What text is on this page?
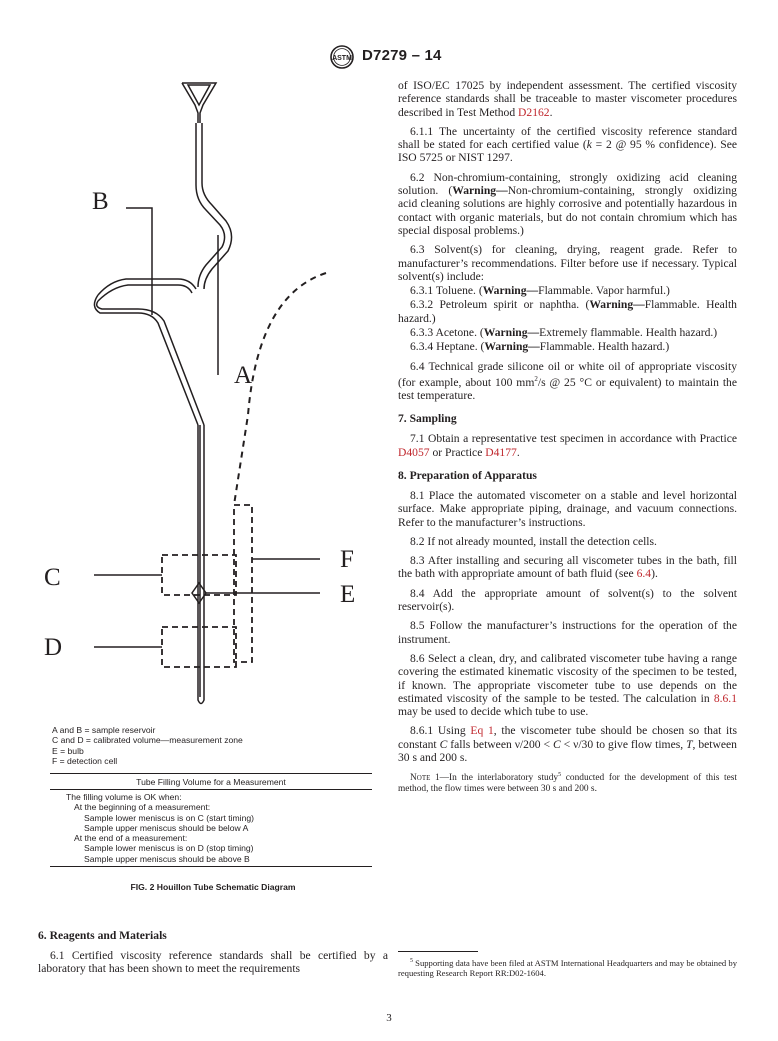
ASTM D7279 – 14
B
A
C
D
F
E
A and B = sample reservoir
C and D = calibrated volume—measurement zone
E = bulb
F = detection cell
Tube Filling Volume for a Measurement
The filling volume is OK when:
At the beginning of a measurement:
Sample lower meniscus is on C (start timing)
Sample upper meniscus should be below A
At the end of a measurement:
Sample lower meniscus is on D (stop timing)
Sample upper meniscus should be above B
FIG. 2 Houillon Tube Schematic Diagram
6. Reagents and Materials

6.1 Certified viscosity reference standards shall be certified by a laboratory that has been shown to meet the requirements

of ISO/EC 17025 by independent assessment. The certified viscosity reference standards shall be traceable to master viscometer procedures described in Test Method D2162.

6.1.1 The uncertainty of the certified viscosity reference standard shall be stated for each certified value (k = 2 @ 95 % confidence). See ISO 5725 or NIST 1297.

6.2 Non-chromium-containing, strongly oxidizing acid cleaning solution. (Warning—Non-chromium-containing, strongly oxidizing acid cleaning solutions are highly corrosive and potentially hazardous in contact with organic materials, but do not contain chromium which has special disposal problems.)

6.3 Solvent(s) for cleaning, drying, reagent grade. Refer to manufacturer’s recommendations. Filter before use if necessary. Typical solvent(s) include:

6.3.1 Toluene. (Warning—Flammable. Vapor harmful.)

6.3.2 Petroleum spirit or naphtha. (Warning—Flammable. Health hazard.)

6.3.3 Acetone. (Warning—Extremely flammable. Health hazard.)

6.3.4 Heptane. (Warning—Flammable. Health hazard.)

6.4 Technical grade silicone oil or white oil of appropriate viscosity (for example, about 100 $mm^2/s$ @ 25 °C or equivalent) to maintain the test temperature.

7. Sampling

7.1 Obtain a representative test specimen in accordance with Practice D4057 or Practice D4177.

8. Preparation of Apparatus

8.1 Place the automated viscometer on a stable and level horizontal surface. Make appropriate piping, drainage, and vacuum connections. Refer to the manufacturer’s instructions.

8.2 If not already mounted, install the detection cells.

8.3 After installing and securing all viscometer tubes in the bath, fill the bath with appropriate amount of bath fluid (see 6.4).

8.4 Add the appropriate amount of solvent(s) to the solvent reservoir(s).

8.5 Follow the manufacturer’s instructions for the operation of the instrument.

8.6 Select a clean, dry, and calibrated viscometer tube having a range covering the estimated kinematic viscosity of the specimen to be tested, if known. The appropriate viscometer tube to use depends on the estimated viscosity of the sample to be tested. The calculation in 8.6.1 may be used to decide which tube to use.

8.6.1 Using Eq 1, the viscometer tube should be chosen so that its constant C falls between ν/200 < C < ν/30 to give flow times, T, between 30 s and 200 s.

Note 1—In the interlaboratory study$^5$ conducted for the development of this test method, the flow times were between 30 s and 200 s.

$^5$ Supporting data have been filed at ASTM International Headquarters and may be obtained by requesting Research Report RR:D02-1604.
3
